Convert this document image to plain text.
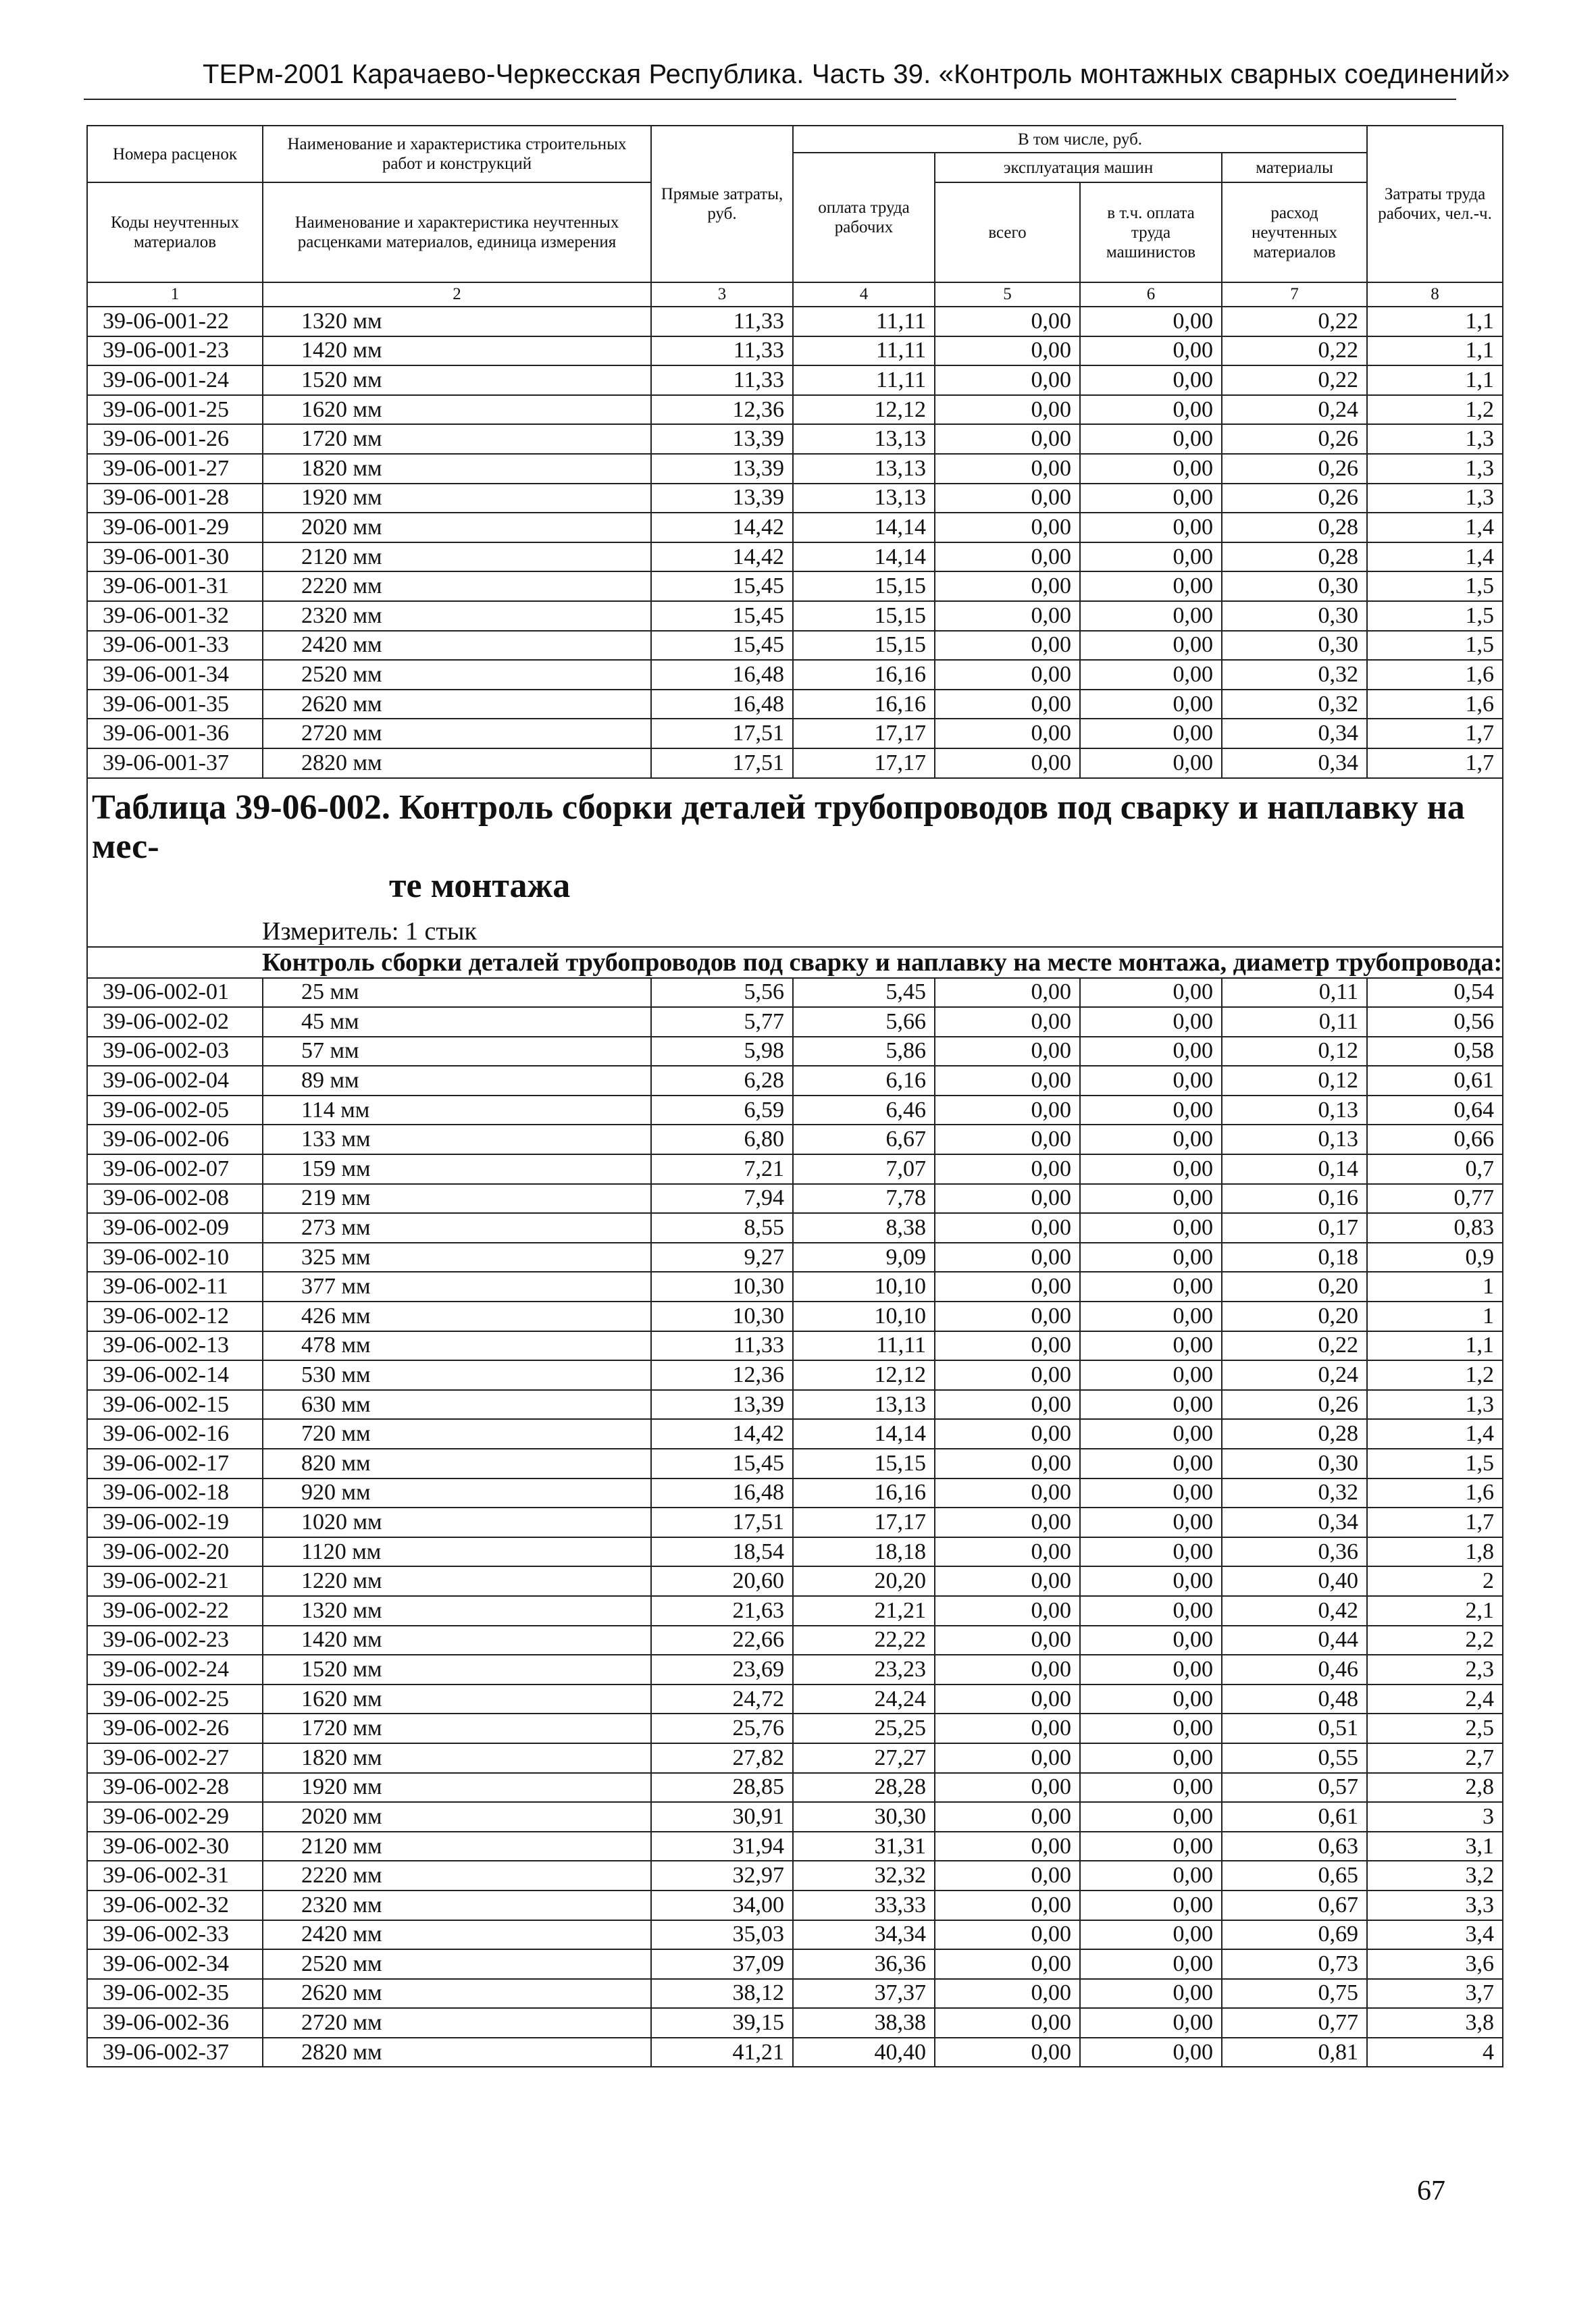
ТЕРм-2001 Карачаево-Черкесская Республика. Часть 39. «Контроль монтажных сварных соединений»
Номера расценок	Наименование и характеристика строительных работ и конструкций	Прямые затраты, руб.	В том числе, руб.				Затраты труда рабочих, чел.-ч.
			оплата труда рабочих	эксплуатация машин		материалы	
Коды неучтенных материалов	Наименование и характеристика неучтенных расценками материалов, единица измерения			всего	в т.ч. оплата труда машинистов	расход неучтенных материалов	

1	2	3	4	5	6	7	8
39-06-001-22	1320 мм	11,33	11,11	0,00	0,00	0,22	1,1
39-06-001-23	1420 мм	11,33	11,11	0,00	0,00	0,22	1,1
39-06-001-24	1520 мм	11,33	11,11	0,00	0,00	0,22	1,1
39-06-001-25	1620 мм	12,36	12,12	0,00	0,00	0,24	1,2
39-06-001-26	1720 мм	13,39	13,13	0,00	0,00	0,26	1,3
39-06-001-27	1820 мм	13,39	13,13	0,00	0,00	0,26	1,3
39-06-001-28	1920 мм	13,39	13,13	0,00	0,00	0,26	1,3
39-06-001-29	2020 мм	14,42	14,14	0,00	0,00	0,28	1,4
39-06-001-30	2120 мм	14,42	14,14	0,00	0,00	0,28	1,4
39-06-001-31	2220 мм	15,45	15,15	0,00	0,00	0,30	1,5
39-06-001-32	2320 мм	15,45	15,15	0,00	0,00	0,30	1,5
39-06-001-33	2420 мм	15,45	15,15	0,00	0,00	0,30	1,5
39-06-001-34	2520 мм	16,48	16,16	0,00	0,00	0,32	1,6
39-06-001-35	2620 мм	16,48	16,16	0,00	0,00	0,32	1,6
39-06-001-36	2720 мм	17,51	17,17	0,00	0,00	0,34	1,7
39-06-001-37	2820 мм	17,51	17,17	0,00	0,00	0,34	1,7

Таблица 39-06-002. Контроль сборки деталей трубопроводов под сварку и наплавку на мес-
те монтажа							

Измеритель: 1 стык							
Контроль сборки деталей трубопроводов под сварку и наплавку на месте монтажа, диаметр трубопровода:							
39-06-002-01	25 мм	5,56	5,45	0,00	0,00	0,11	0,54
39-06-002-02	45 мм	5,77	5,66	0,00	0,00	0,11	0,56
39-06-002-03	57 мм	5,98	5,86	0,00	0,00	0,12	0,58
39-06-002-04	89 мм	6,28	6,16	0,00	0,00	0,12	0,61
39-06-002-05	114 мм	6,59	6,46	0,00	0,00	0,13	0,64
39-06-002-06	133 мм	6,80	6,67	0,00	0,00	0,13	0,66
39-06-002-07	159 мм	7,21	7,07	0,00	0,00	0,14	0,7
39-06-002-08	219 мм	7,94	7,78	0,00	0,00	0,16	0,77
39-06-002-09	273 мм	8,55	8,38	0,00	0,00	0,17	0,83
39-06-002-10	325 мм	9,27	9,09	0,00	0,00	0,18	0,9
39-06-002-11	377 мм	10,30	10,10	0,00	0,00	0,20	1
39-06-002-12	426 мм	10,30	10,10	0,00	0,00	0,20	1
39-06-002-13	478 мм	11,33	11,11	0,00	0,00	0,22	1,1
39-06-002-14	530 мм	12,36	12,12	0,00	0,00	0,24	1,2
39-06-002-15	630 мм	13,39	13,13	0,00	0,00	0,26	1,3
39-06-002-16	720 мм	14,42	14,14	0,00	0,00	0,28	1,4
39-06-002-17	820 мм	15,45	15,15	0,00	0,00	0,30	1,5
39-06-002-18	920 мм	16,48	16,16	0,00	0,00	0,32	1,6
39-06-002-19	1020 мм	17,51	17,17	0,00	0,00	0,34	1,7
39-06-002-20	1120 мм	18,54	18,18	0,00	0,00	0,36	1,8
39-06-002-21	1220 мм	20,60	20,20	0,00	0,00	0,40	2
39-06-002-22	1320 мм	21,63	21,21	0,00	0,00	0,42	2,1
39-06-002-23	1420 мм	22,66	22,22	0,00	0,00	0,44	2,2
39-06-002-24	1520 мм	23,69	23,23	0,00	0,00	0,46	2,3
39-06-002-25	1620 мм	24,72	24,24	0,00	0,00	0,48	2,4
39-06-002-26	1720 мм	25,76	25,25	0,00	0,00	0,51	2,5
39-06-002-27	1820 мм	27,82	27,27	0,00	0,00	0,55	2,7
39-06-002-28	1920 мм	28,85	28,28	0,00	0,00	0,57	2,8
39-06-002-29	2020 мм	30,91	30,30	0,00	0,00	0,61	3
39-06-002-30	2120 мм	31,94	31,31	0,00	0,00	0,63	3,1
39-06-002-31	2220 мм	32,97	32,32	0,00	0,00	0,65	3,2
39-06-002-32	2320 мм	34,00	33,33	0,00	0,00	0,67	3,3
39-06-002-33	2420 мм	35,03	34,34	0,00	0,00	0,69	3,4
39-06-002-34	2520 мм	37,09	36,36	0,00	0,00	0,73	3,6
39-06-002-35	2620 мм	38,12	37,37	0,00	0,00	0,75	3,7
39-06-002-36	2720 мм	39,15	38,38	0,00	0,00	0,77	3,8
39-06-002-37	2820 мм	41,21	40,40	0,00	0,00	0,81	4
67
